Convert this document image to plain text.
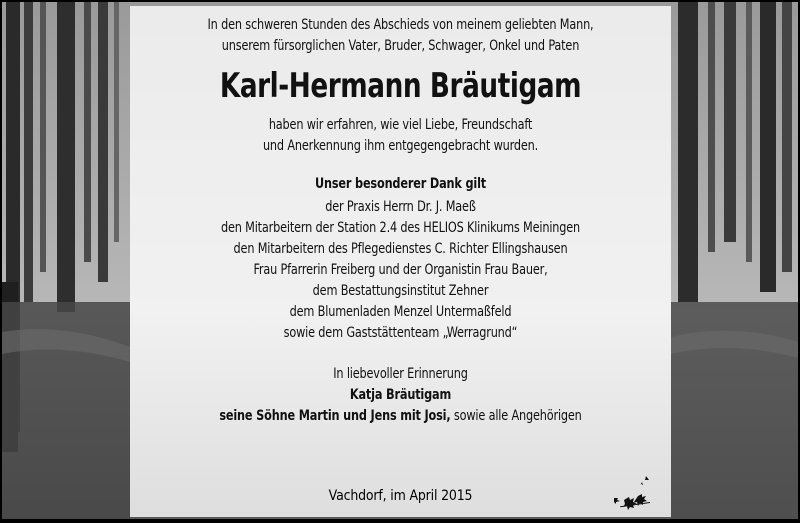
In den schweren Stunden des Abschieds von meinem geliebten Mann,
unserem fürsorglichen Vater, Bruder, Schwager, Onkel und Paten
Karl-Hermann Bräutigam
haben wir erfahren, wie viel Liebe, Freundschaft
und Anerkennung ihm entgegengebracht wurden.
Unser besonderer Dank gilt
der Praxis Herrn Dr. J. Maeß
den Mitarbeitern der Station 2.4 des HELIOS Klinikums Meiningen
den Mitarbeitern des Pflegedienstes C. Richter Ellingshausen
Frau Pfarrerin Freiberg und der Organistin Frau Bauer,
dem Bestattungsinstitut Zehner
dem Blumenladen Menzel Untermaßfeld
sowie dem Gaststättenteam „Werragrund“
In liebevoller Erinnerung
Katja Bräutigam
seine Söhne Martin und Jens mit Josi, sowie alle Angehörigen
Vachdorf, im April 2015
